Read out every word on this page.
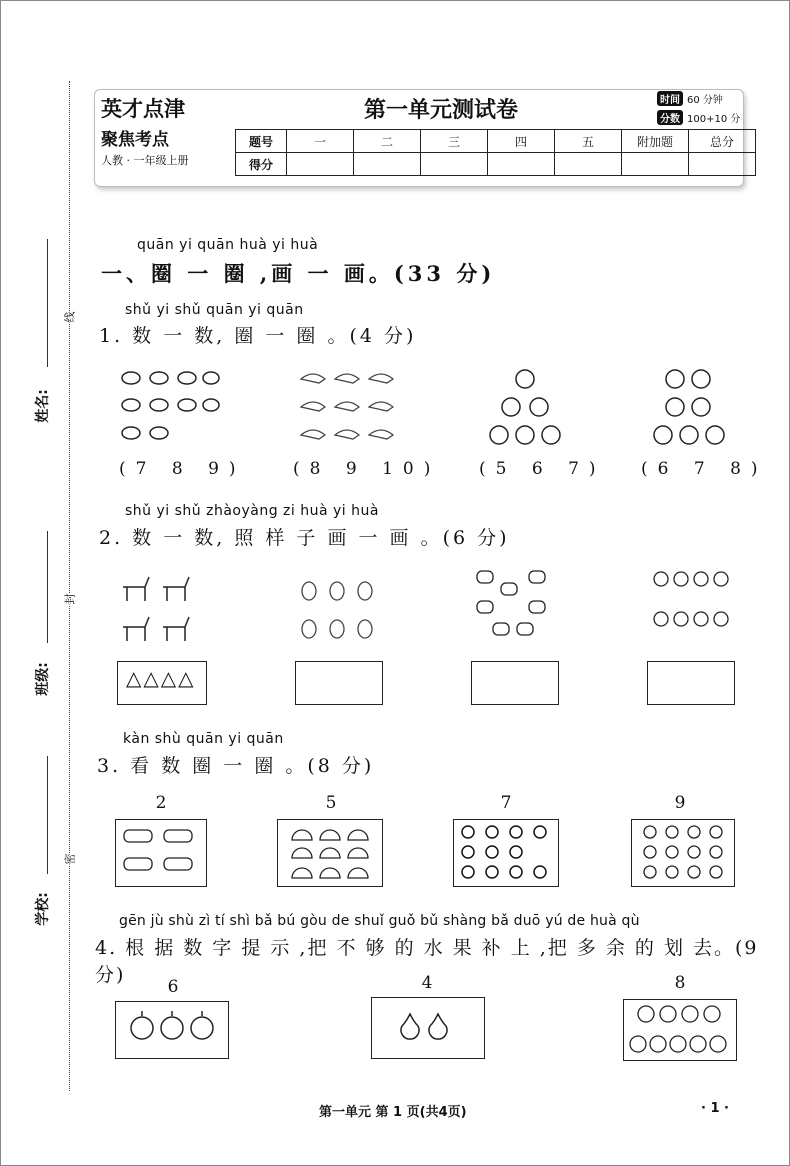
姓名:
班级:
学校:
线
封
密
英才点津
聚焦考点
人教 · 一年级上册
第一单元测试卷	时间 60 分钟
分数 100+10 分
题号	一	二	三	四	五	附加题	总分
得分							
quān yi quān huà yi huà
一、圈 一 圈 ,画 一 画。(33 分)
shǔ yi shǔ quān yi quān
1. 数 一 数, 圈 一 圈 。(4 分)
(7 8 9)	(8 9 10) (5 6 7) (6 7 8)
shǔ yi shǔ zhàoyàng zi huà yi huà
2. 数 一 数, 照 样 子 画 一 画 。(6 分)
△△△△
kàn shù quān yi quān
3. 看 数 圈 一 圈 。(8 分)
2	5	7	9
gēn jù shù zì tí shì bǎ bú gòu de shuǐ guǒ bǔ shàng bǎ duō yú de huà qù
4. 根 据 数 字 提 示 ,把 不 够 的 水 果 补 上 ,把 多 余 的 划 去。(9 分)
6	4	8
第一单元 第 1 页(共4页)	· 1 ·
